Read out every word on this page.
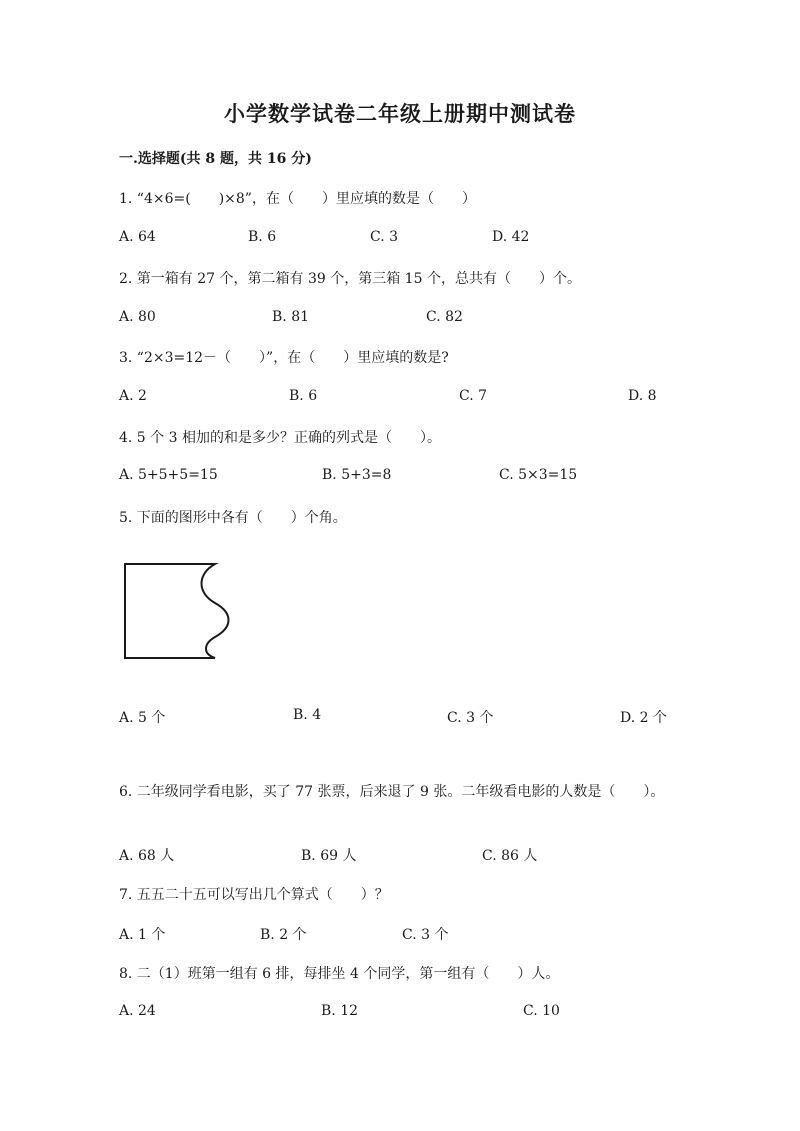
小学数学试卷二年级上册期中测试卷
一.选择题(共 8 题，共 16 分)
1. “4×6=(　　)×8”，在（　　）里应填的数是（　　）
A. 64	B. 6	C. 3	D. 42
2. 第一箱有 27 个，第二箱有 39 个，第三箱 15 个，总共有（　　）个。
A. 80	B. 81	C. 82
3. “2×3=12－（　　）”，在（　　）里应填的数是?
A. 2	B. 6	C. 7	D. 8
4. 5 个 3 相加的和是多少？正确的列式是（　　）。
A. 5+5+5=15	B. 5+3=8	C. 5×3=15
5. 下面的图形中各有（　　）个角。
A. 5 个	B. 4	C. 3 个	D. 2 个
6. 二年级同学看电影，买了 77 张票，后来退了 9 张。二年级看电影的人数是（　　）。
A. 68 人	B. 69 人	C. 86 人
7. 五五二十五可以写出几个算式（　　）？
A. 1 个	B. 2 个	C. 3 个
8. 二（1）班第一组有 6 排，每排坐 4 个同学，第一组有（　　）人。
A. 24	B. 12	C. 10
